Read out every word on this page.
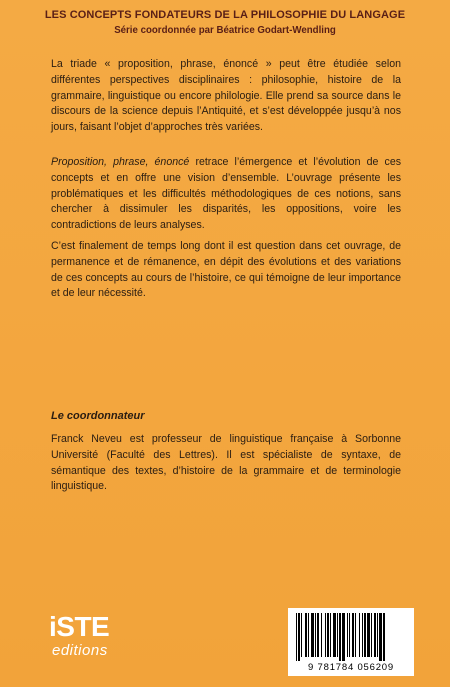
LES CONCEPTS FONDATEURS DE LA PHILOSOPHIE DU LANGAGE
Série coordonnée par Béatrice Godart-Wendling

La triade « proposition, phrase, énoncé » peut être étudiée selon différentes perspectives disciplinaires : philosophie, histoire de la grammaire, linguistique ou encore philologie. Elle prend sa source dans le discours de la science depuis l’Antiquité, et s’est développée jusqu’à nos jours, faisant l’objet d’approches très variées.

Proposition, phrase, énoncé retrace l’émergence et l’évolution de ces concepts et en offre une vision d’ensemble. L’ouvrage présente les problématiques et les difficultés méthodologiques de ces notions, sans chercher à dissimuler les disparités, les oppositions, voire les contradictions de leurs analyses.

C’est finalement de temps long dont il est question dans cet ouvrage, de permanence et de rémanence, en dépit des évolutions et des variations de ces concepts au cours de l’histoire, ce qui témoigne de leur importance et de leur nécessité.

Le coordonnateur

Franck Neveu est professeur de linguistique française à Sorbonne Université (Faculté des Lettres). Il est spécialiste de syntaxe, de sémantique des textes, d’histoire de la grammaire et de terminologie linguistique.

iSTE
editions
9 781784 056209
